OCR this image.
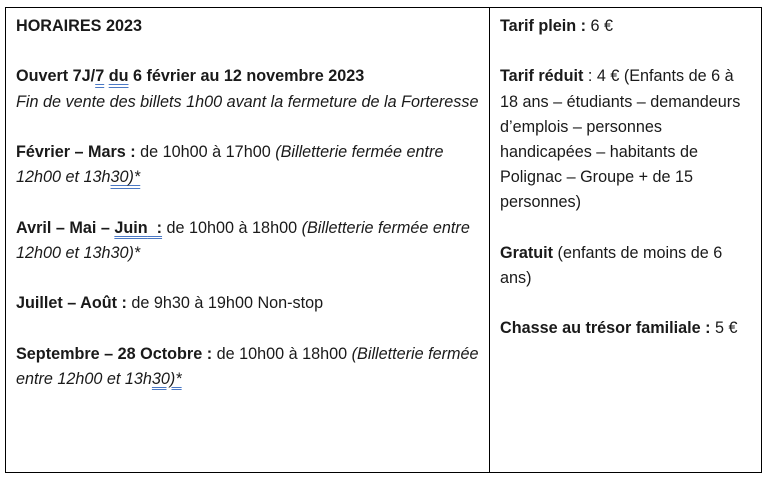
HORAIRES 2023

Ouvert 7J/7 du 6 février au 12 novembre 2023
Fin de vente des billets 1h00 avant la fermeture de la Forteresse

Février – Mars : de 10h00 à 17h00 (Billetterie fermée entre 12h00 et 13h30)*

Avril – Mai – Juin  : de 10h00 à 18h00 (Billetterie fermée entre 12h00 et 13h30)*

Juillet – Août : de 9h30 à 19h00 Non-stop

Septembre – 28 Octobre : de 10h00 à 18h00 (Billetterie fermée entre 12h00 et 13h30)*

Tarif plein : 6 €

Tarif réduit : 4 € (Enfants de 6 à 18 ans – étudiants – demandeurs d’emplois – personnes handicapées – habitants de Polignac – Groupe + de 15 personnes)

Gratuit (enfants de moins de 6 ans)

Chasse au trésor familiale : 5 €
